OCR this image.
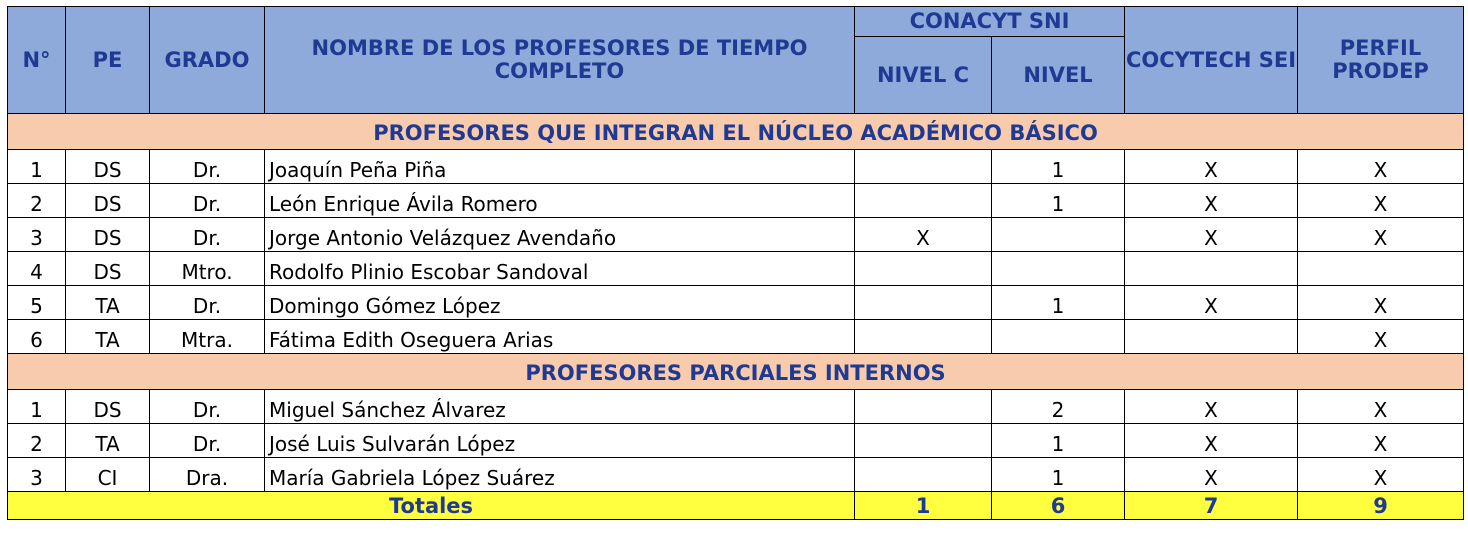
N°	PE	GRADO	NOMBRE DE LOS PROFESORES DE TIEMPO COMPLETO	CONACYT SNI		COCYTECH SEI	PERFIL PRODEP
				NIVEL C	NIVEL		
PROFESORES QUE INTEGRAN EL NÚCLEO ACADÉMICO BÁSICO							
1	DS	Dr.	Joaquín Peña Piña		1	X	X
2	DS	Dr.	León Enrique Ávila Romero		1	X	X
3	DS	Dr.	Jorge Antonio Velázquez Avendaño	X		X	X
4	DS	Mtro.	Rodolfo Plinio Escobar Sandoval				
5	TA	Dr.	Domingo Gómez López		1	X	X
6	TA	Mtra.	Fátima Edith Oseguera Arias				X
PROFESORES PARCIALES INTERNOS							
1	DS	Dr.	Miguel Sánchez Álvarez		2	X	X
2	TA	Dr.	José Luis Sulvarán López		1	X	X
3	CI	Dra.	María Gabriela López Suárez		1	X	X
Totales				1	6	7	9
